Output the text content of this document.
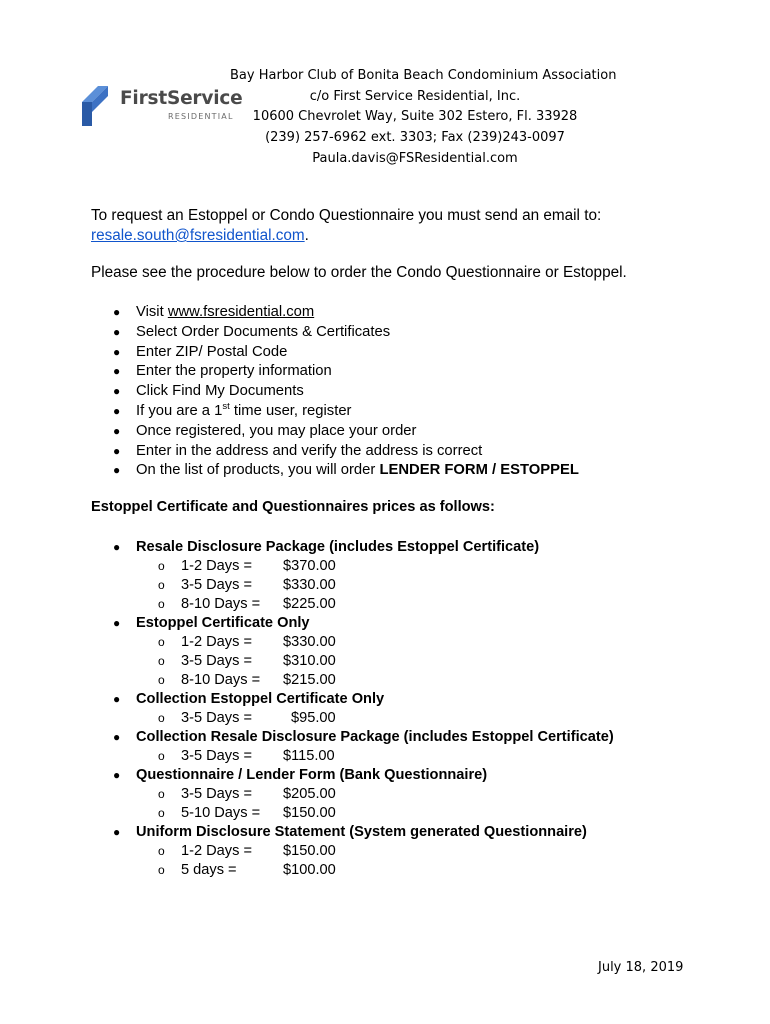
FirstService
RESIDENTIAL
Bay Harbor Club of Bonita Beach Condominium Association
c/o First Service Residential, Inc.
10600 Chevrolet Way, Suite 302 Estero, Fl. 33928
(239) 257-6962 ext. 3303; Fax (239)243-0097
Paula.davis@FSResidential.com
To request an Estoppel or Condo Questionnaire you must send an email to:
resale.south@fsresidential.com.
Please see the procedure below to order the Condo Questionnaire or Estoppel.
● Visit www.fsresidential.com
● Select Order Documents & Certificates
● Enter ZIP/ Postal Code
● Enter the property information
● Click Find My Documents
● If you are a 1st time user, register
● Once registered, you may place your order
● Enter in the address and verify the address is correct
● On the list of products, you will order LENDER FORM / ESTOPPEL
Estoppel Certificate and Questionnaires prices as follows:
● Resale Disclosure Package (includes Estoppel Certificate)
o 1-2 Days = $370.00
o 3-5 Days = $330.00
o 8-10 Days = $225.00
● Estoppel Certificate Only
o 1-2 Days = $330.00
o 3-5 Days = $310.00
o 8-10 Days = $215.00
● Collection Estoppel Certificate Only
o 3-5 Days =	$95.00
● Collection Resale Disclosure Package (includes Estoppel Certificate)
o 3-5 Days = $115.00
● Questionnaire / Lender Form (Bank Questionnaire)
o 3-5 Days = $205.00
o 5-10 Days = $150.00
● Uniform Disclosure Statement (System generated Questionnaire)
o 1-2 Days = $150.00
o 5 days =	$100.00
July 18, 2019
